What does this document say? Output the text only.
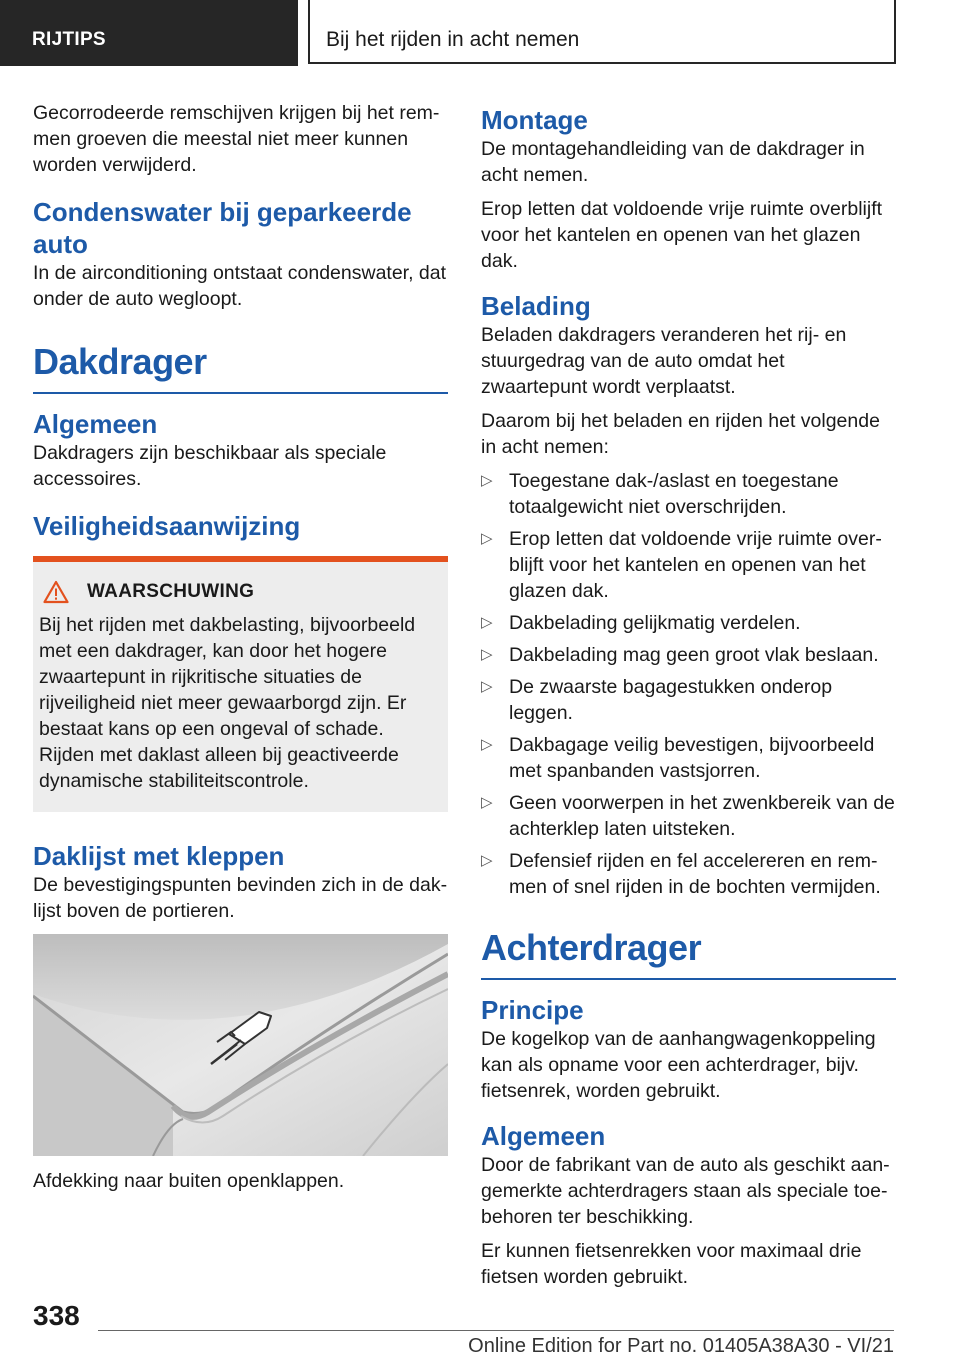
RIJTIPS	Bij het rijden in acht nemen

Gecorrodeerde remschijven krijgen bij het remmen groeven die meestal niet meer kunnen worden verwijderd.

Condenswater bij geparkeerde auto

In de airconditioning ontstaat condenswater, dat onder de auto wegloopt.

Dakdrager
Algemeen

Dakdragers zijn beschikbaar als speciale accessoires.

Veiligheidsaanwijzing
WAARSCHUWING

Bij het rijden met dakbelasting, bijvoorbeeld met een dakdrager, kan door het hogere zwaartepunt in rijkritische situaties de rijveiligheid niet meer gewaarborgd zijn. Er bestaat kans op een ongeval of schade. Rijden met daklast alleen bij geactiveerde dynamische stabiliteitscontrole.

Daklijst met kleppen

De bevestigingspunten bevinden zich in de daklijst boven de portieren.

Afdekking naar buiten openklappen.

Montage

De montagehandleiding van de dakdrager in acht nemen.

Erop letten dat voldoende vrije ruimte overblijft voor het kantelen en openen van het glazen dak.

Belading

Beladen dakdragers veranderen het rij- en stuurgedrag van de auto omdat het zwaartepunt wordt verplaatst.

Daarom bij het beladen en rijden het volgende in acht nemen:

▷ Toegestane dak-/aslast en toegestane totaalgewicht niet overschrijden.
▷ Erop letten dat voldoende vrije ruimte overblijft voor het kantelen en openen van het glazen dak.
▷ Dakbelading gelijkmatig verdelen.
▷ Dakbelading mag geen groot vlak beslaan.
▷ De zwaarste bagagestukken onderop leggen.
▷ Dakbagage veilig bevestigen, bijvoorbeeld met spanbanden vastsjorren.
▷ Geen voorwerpen in het zwenkbereik van de achterklep laten uitsteken.
▷ Defensief rijden en fel accelereren en remmen of snel rijden in de bochten vermijden.
Achterdrager
Principe

De kogelkop van de aanhangwagenkoppeling kan als opname voor een achterdrager, bijv. fietsenrek, worden gebruikt.

Algemeen

Door de fabrikant van de auto als geschikt aangemerkte achterdragers staan als speciale toebehoren ter beschikking.

Er kunnen fietsenrekken voor maximaal drie fietsen worden gebruikt.

338
Online Edition for Part no. 01405A38A30 - VI/21
